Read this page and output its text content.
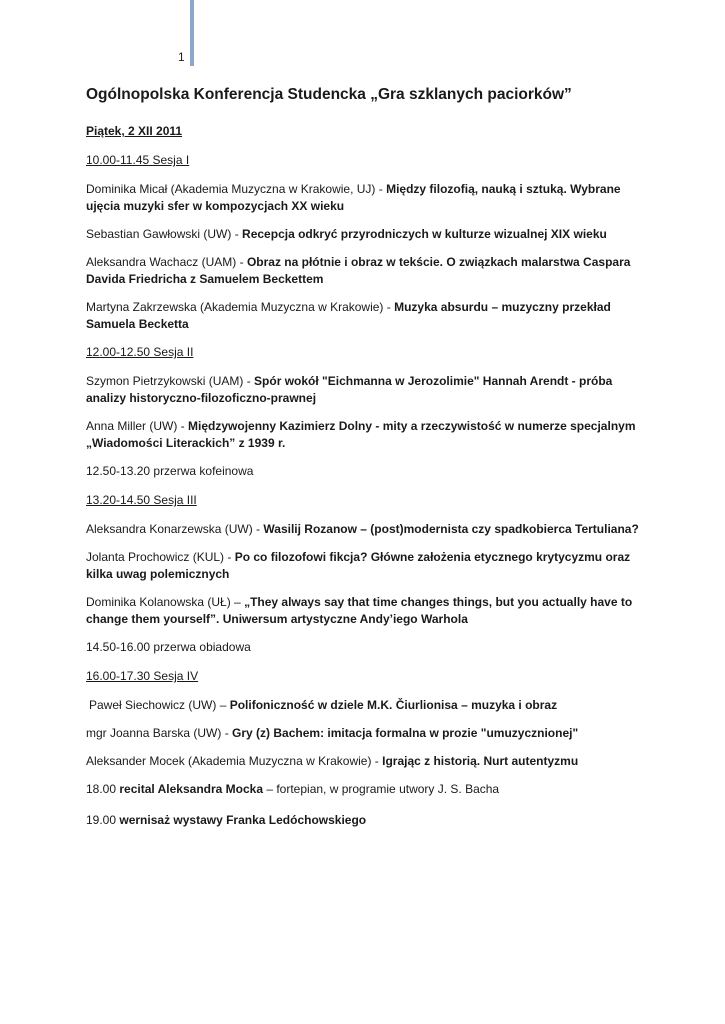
1
Ogólnopolska Konferencja Studencka „Gra szklanych paciorków”
Piątek, 2 XII 2011
10.00-11.45 Sesja I
Dominika Micał (Akademia Muzyczna w Krakowie, UJ) - Między filozofią, nauką i sztuką. Wybrane ujęcia muzyki sfer w kompozycjach XX wieku
Sebastian Gawłowski (UW) - Recepcja odkryć przyrodniczych w kulturze wizualnej XIX wieku
Aleksandra Wachacz (UAM) - Obraz na płótnie i obraz w tekście. O związkach malarstwa Caspara Davida Friedricha z Samuelem Beckettem
Martyna Zakrzewska (Akademia Muzyczna w Krakowie) - Muzyka absurdu – muzyczny przekład Samuela Becketta
12.00-12.50 Sesja II
Szymon Pietrzykowski (UAM) - Spór wokół "Eichmanna w Jerozolimie" Hannah Arendt - próba analizy historyczno-filozoficzno-prawnej
Anna Miller (UW) - Międzywojenny Kazimierz Dolny - mity a rzeczywistość w numerze specjalnym „Wiadomości Literackich” z 1939 r.
12.50-13.20 przerwa kofeinowa
13.20-14.50 Sesja III
Aleksandra Konarzewska (UW) - Wasilij Rozanow – (post)modernista czy spadkobierca Tertuliana?
Jolanta Prochowicz (KUL) - Po co filozofowi fikcja? Główne założenia etycznego krytycyzmu oraz kilka uwag polemicznych
Dominika Kolanowska (UŁ) – „They always say that time changes things, but you actually have to change them yourself”. Uniwersum artystyczne Andy’iego Warhola
14.50-16.00 przerwa obiadowa
16.00-17.30 Sesja IV
Paweł Siechowicz (UW) – Polifoniczność w dziele M.K. Čiurlionisa – muzyka i obraz
mgr Joanna Barska (UW) - Gry (z) Bachem: imitacja formalna w prozie "umuzycznionej"
Aleksander Mocek (Akademia Muzyczna w Krakowie) - Igrając z historią. Nurt autentyzmu
18.00 recital Aleksandra Mocka – fortepian, w programie utwory J. S. Bacha
19.00 wernisaż wystawy Franka Ledóchowskiego
